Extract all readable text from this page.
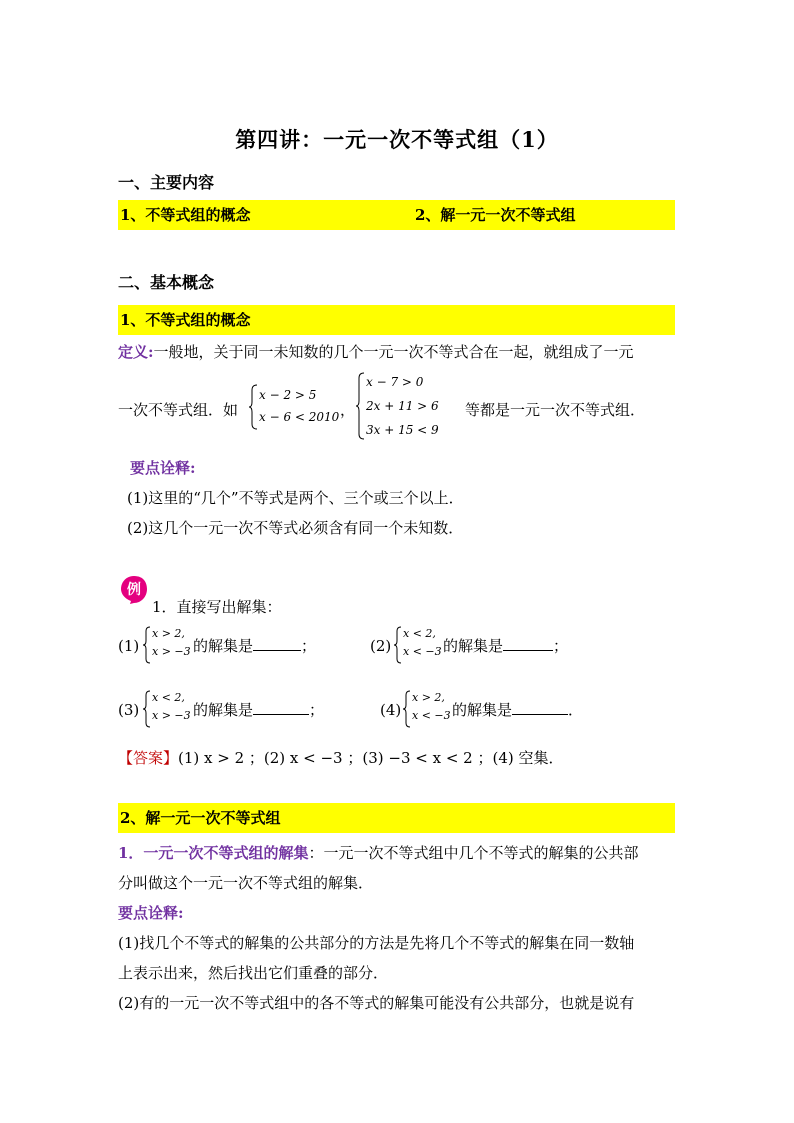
第四讲：一元一次不等式组（1）
一、主要内容
1、不等式组的概念	2、解一元一次不等式组
二、基本概念
1、不等式组的概念
定义:一般地，关于同一未知数的几个一元一次不等式合在一起，就组成了一元
一次不等式组．如
x − 2 > 5
x − 6 < 2010 ，
x − 7 > 0
2x + 11 > 6
3x + 15 < 9
等都是一元一次不等式组．
要点诠释:
(1)这里的“几个”不等式是两个、三个或三个以上．
(2)这几个一元一次不等式必须含有同一个未知数．
例
1．直接写出解集：
(1)
x > 2,
x > −3 的解集是	；	(2)
x < 2,
x < −3 的解集是	；
(3)
x < 2,
x > −3 的解集是	；	(4)
x > 2,
x < −3 的解集是	．
【答案】(1) x > 2 ；(2) x < −3 ；(3) −3 < x < 2 ；(4) 空集．
2、解一元一次不等式组
1．一元一次不等式组的解集：一元一次不等式组中几个不等式的解集的公共部
分叫做这个一元一次不等式组的解集．
要点诠释:
(1)找几个不等式的解集的公共部分的方法是先将几个不等式的解集在同一数轴
上表示出来，然后找出它们重叠的部分．
(2)有的一元一次不等式组中的各不等式的解集可能没有公共部分，也就是说有
